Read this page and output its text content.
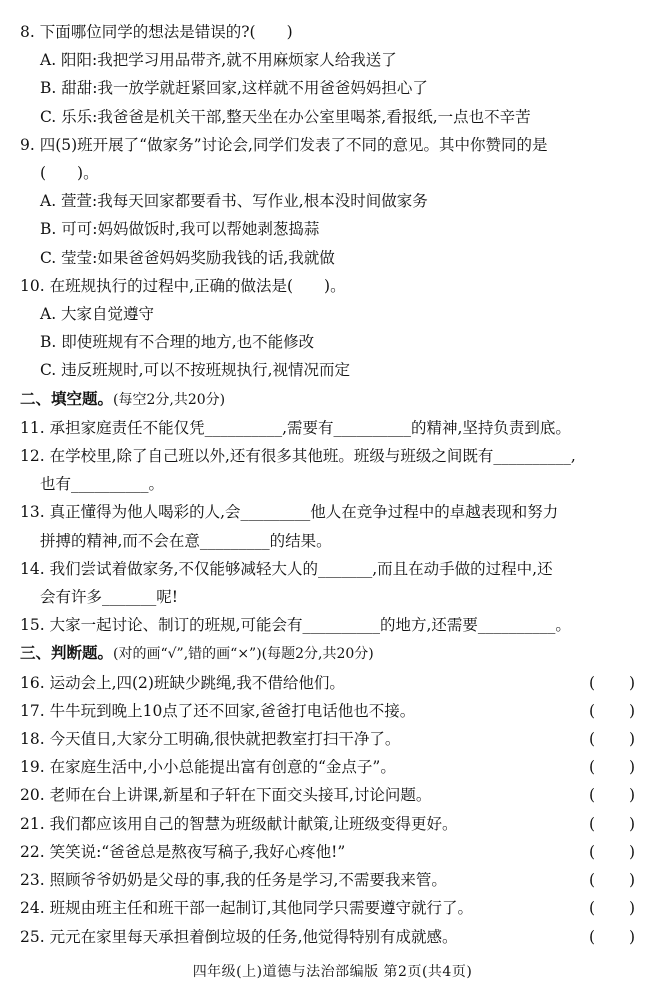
8. 下面哪位同学的想法是错误的?(　　)
A. 阳阳:我把学习用品带齐,就不用麻烦家人给我送了
B. 甜甜:我一放学就赶紧回家,这样就不用爸爸妈妈担心了
C. 乐乐:我爸爸是机关干部,整天坐在办公室里喝茶,看报纸,一点也不辛苦
9. 四(5)班开展了“做家务”讨论会,同学们发表了不同的意见。其中你赞同的是
(　　)。
A. 萱萱:我每天回家都要看书、写作业,根本没时间做家务
B. 可可:妈妈做饭时,我可以帮她剥葱捣蒜
C. 莹莹:如果爸爸妈妈奖励我钱的话,我就做
10. 在班规执行的过程中,正确的做法是(　　)。
A. 大家自觉遵守
B. 即使班规有不合理的地方,也不能修改
C. 违反班规时,可以不按班规执行,视情况而定
二、填空题。(每空2分,共20分)
11. 承担家庭责任不能仅凭__________,需要有__________的精神,坚持负责到底。
12. 在学校里,除了自己班以外,还有很多其他班。班级与班级之间既有__________,
也有__________。
13. 真正懂得为他人喝彩的人,会_________他人在竞争过程中的卓越表现和努力
拼搏的精神,而不会在意_________的结果。
14. 我们尝试着做家务,不仅能够减轻大人的_______,而且在动手做的过程中,还
会有许多_______呢!
15. 大家一起讨论、制订的班规,可能会有__________的地方,还需要__________。
三、判断题。(对的画“√”,错的画“×”)(每题2分,共20分)
16. 运动会上,四(2)班缺少跳绳,我不借给他们。	( )
17. 牛牛玩到晚上10点了还不回家,爸爸打电话他也不接。	( )
18. 今天值日,大家分工明确,很快就把教室打扫干净了。	( )
19. 在家庭生活中,小小总能提出富有创意的“金点子”。	( )
20. 老师在台上讲课,新星和子轩在下面交头接耳,讨论问题。	( )
21. 我们都应该用自己的智慧为班级献计献策,让班级变得更好。	( )
22. 笑笑说:“爸爸总是熬夜写稿子,我好心疼他!”	( )
23. 照顾爷爷奶奶是父母的事,我的任务是学习,不需要我来管。	( )
24. 班规由班主任和班干部一起制订,其他同学只需要遵守就行了。	( )
25. 元元在家里每天承担着倒垃圾的任务,他觉得特别有成就感。	( )
四年级(上)道德与法治部编版 第2页(共4页)
